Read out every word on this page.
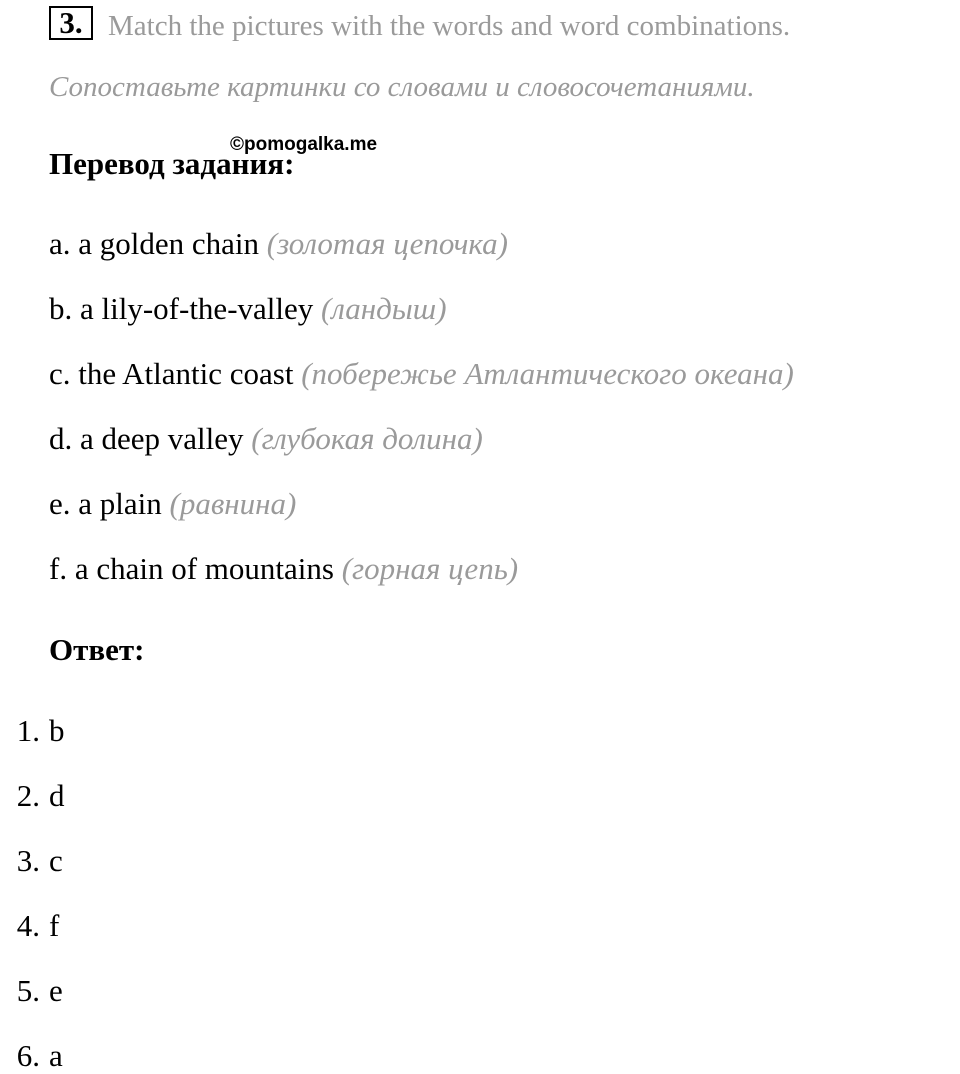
3. Match the pictures with the words and word combinations.
Сопоставьте картинки со словами и словосочетаниями.
Перевод задания:
©pomogalka.me
a. a golden chain (золотая цепочка)
b. a lily-of-the-valley (ландыш)
c. the Atlantic coast (побережье Атлантического океана)
d. a deep valley (глубокая долина)
e. a plain (равнина)
f. a chain of mountains (горная цепь)
Ответ:
1. b
2. d
3. c
4. f
5. e
6. a
